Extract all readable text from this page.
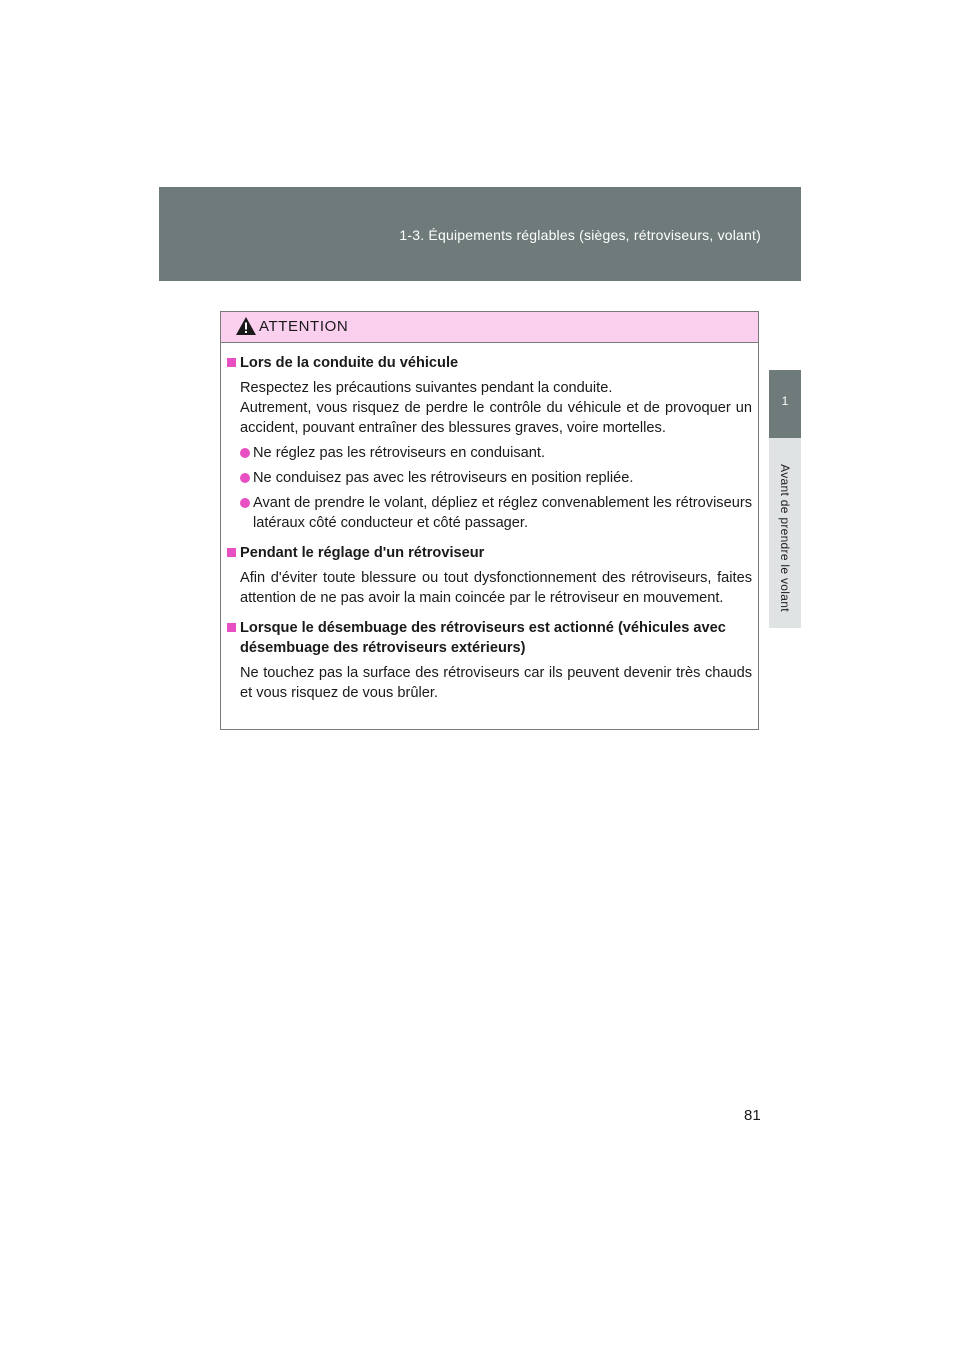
1-3. Équipements réglables (sièges, rétroviseurs, volant)
1
Avant de prendre le volant
ATTENTION
Lors de la conduite du véhicule
Respectez les précautions suivantes pendant la conduite.
Autrement, vous risquez de perdre le contrôle du véhicule et de provoquer un accident, pouvant entraîner des blessures graves, voire mortelles.
Ne réglez pas les rétroviseurs en conduisant.
Ne conduisez pas avec les rétroviseurs en position repliée.
Avant de prendre le volant, dépliez et réglez convenablement les rétroviseurs latéraux côté conducteur et côté passager.
Pendant le réglage d'un rétroviseur
Afin d'éviter toute blessure ou tout dysfonctionnement des rétroviseurs, faites attention de ne pas avoir la main coincée par le rétroviseur en mouvement.
Lorsque le désembuage des rétroviseurs est actionné (véhicules avec désembuage des rétroviseurs extérieurs)
Ne touchez pas la surface des rétroviseurs car ils peuvent devenir très chauds et vous risquez de vous brûler.
81
